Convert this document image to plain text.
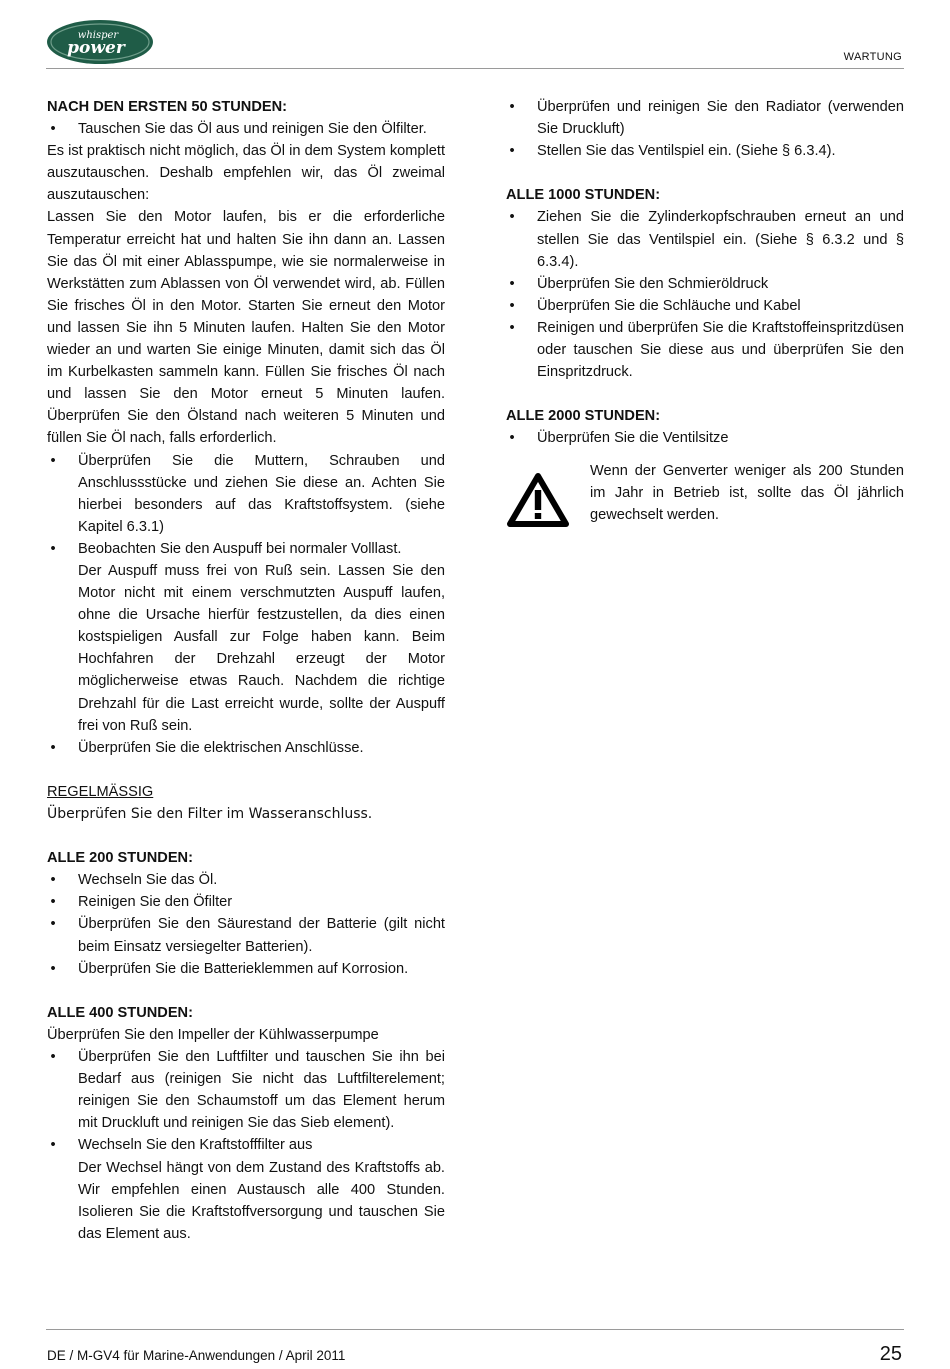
whisper
power	WARTUNG

NACH DEN ERSTEN 50 STUNDEN:

• Tauschen Sie das Öl aus und reinigen Sie den Ölfilter.

Es ist praktisch nicht möglich, das Öl in dem System komplett auszutauschen. Deshalb empfehlen wir, das Öl zweimal auszutauschen:

Lassen Sie den Motor laufen, bis er die erforderliche Temperatur erreicht hat und halten Sie ihn dann an. Lassen Sie das Öl mit einer Ablasspumpe, wie sie normalerweise in Werkstätten zum Ablassen von Öl verwendet wird, ab. Füllen Sie frisches Öl in den Motor. Starten Sie erneut den Motor und lassen Sie ihn 5 Minuten laufen. Halten Sie den Motor wieder an und warten Sie einige Minuten, damit sich das Öl im Kurbelkasten sammeln kann. Füllen Sie frisches Öl nach und lassen Sie den Motor erneut 5 Minuten laufen. Überprüfen Sie den Ölstand nach weiteren 5 Minuten und füllen Sie Öl nach, falls erforderlich.

• Überprüfen Sie die Muttern, Schrauben und Anschlussstücke und ziehen Sie diese an. Achten Sie hierbei besonders auf das Kraftstoffsystem. (siehe Kapitel 6.3.1)
• Beobachten Sie den Auspuff bei normaler Volllast.
Der Auspuff muss frei von Ruß sein. Lassen Sie den Motor nicht mit einem verschmutzten Auspuff laufen, ohne die Ursache hierfür festzustellen, da dies einen kostspieligen Ausfall zur Folge haben kann. Beim Hochfahren der Drehzahl erzeugt der Motor möglicherweise etwas Rauch. Nachdem die richtige Drehzahl für die Last erreicht wurde, sollte der Auspuff frei von Ruß sein.
• Überprüfen Sie die elektrischen Anschlüsse.

REGELMÄSSIG

Überprüfen Sie den Filter im Wasseranschluss.

ALLE 200 STUNDEN:

• Wechseln Sie das Öl.
• Reinigen Sie den Öfilter
• Überprüfen Sie den Säurestand der Batterie (gilt nicht beim Einsatz versiegelter Batterien).
• Überprüfen Sie die Batterieklemmen auf Korrosion.

ALLE 400 STUNDEN:

Überprüfen Sie den Impeller der Kühlwasserpumpe

• Überprüfen Sie den Luftfilter und tauschen Sie ihn bei Bedarf aus (reinigen Sie nicht das Luftfilterelement; reinigen Sie den Schaumstoff um das Element herum mit Druckluft und reinigen Sie das Sieb element).
• Wechseln Sie den Kraftstofffilter aus
Der Wechsel hängt von dem Zustand des Kraftstoffs ab. Wir empfehlen einen Austausch alle 400 Stunden. Isolieren Sie die Kraftstoffversorgung und tauschen Sie das Element aus.
• Überprüfen und reinigen Sie den Radiator (verwenden Sie Druckluft)
• Stellen Sie das Ventilspiel ein. (Siehe § 6.3.4).

ALLE 1000 STUNDEN:

• Ziehen Sie die Zylinderkopfschrauben erneut an und stellen Sie das Ventilspiel ein. (Siehe § 6.3.2 und § 6.3.4).
• Überprüfen Sie den Schmieröldruck
• Überprüfen Sie die Schläuche und Kabel
• Reinigen und überprüfen Sie die Kraftstoffeinspritzdüsen oder tauschen Sie diese aus und überprüfen Sie den Einspritzdruck.

ALLE 2000 STUNDEN:

• Überprüfen Sie die Ventilsitze

Wenn der Genverter weniger als 200 Stunden im Jahr in Betrieb ist, sollte das Öl jährlich gewechselt werden.

DE / M-GV4 für Marine-Anwendungen / April 2011	25
